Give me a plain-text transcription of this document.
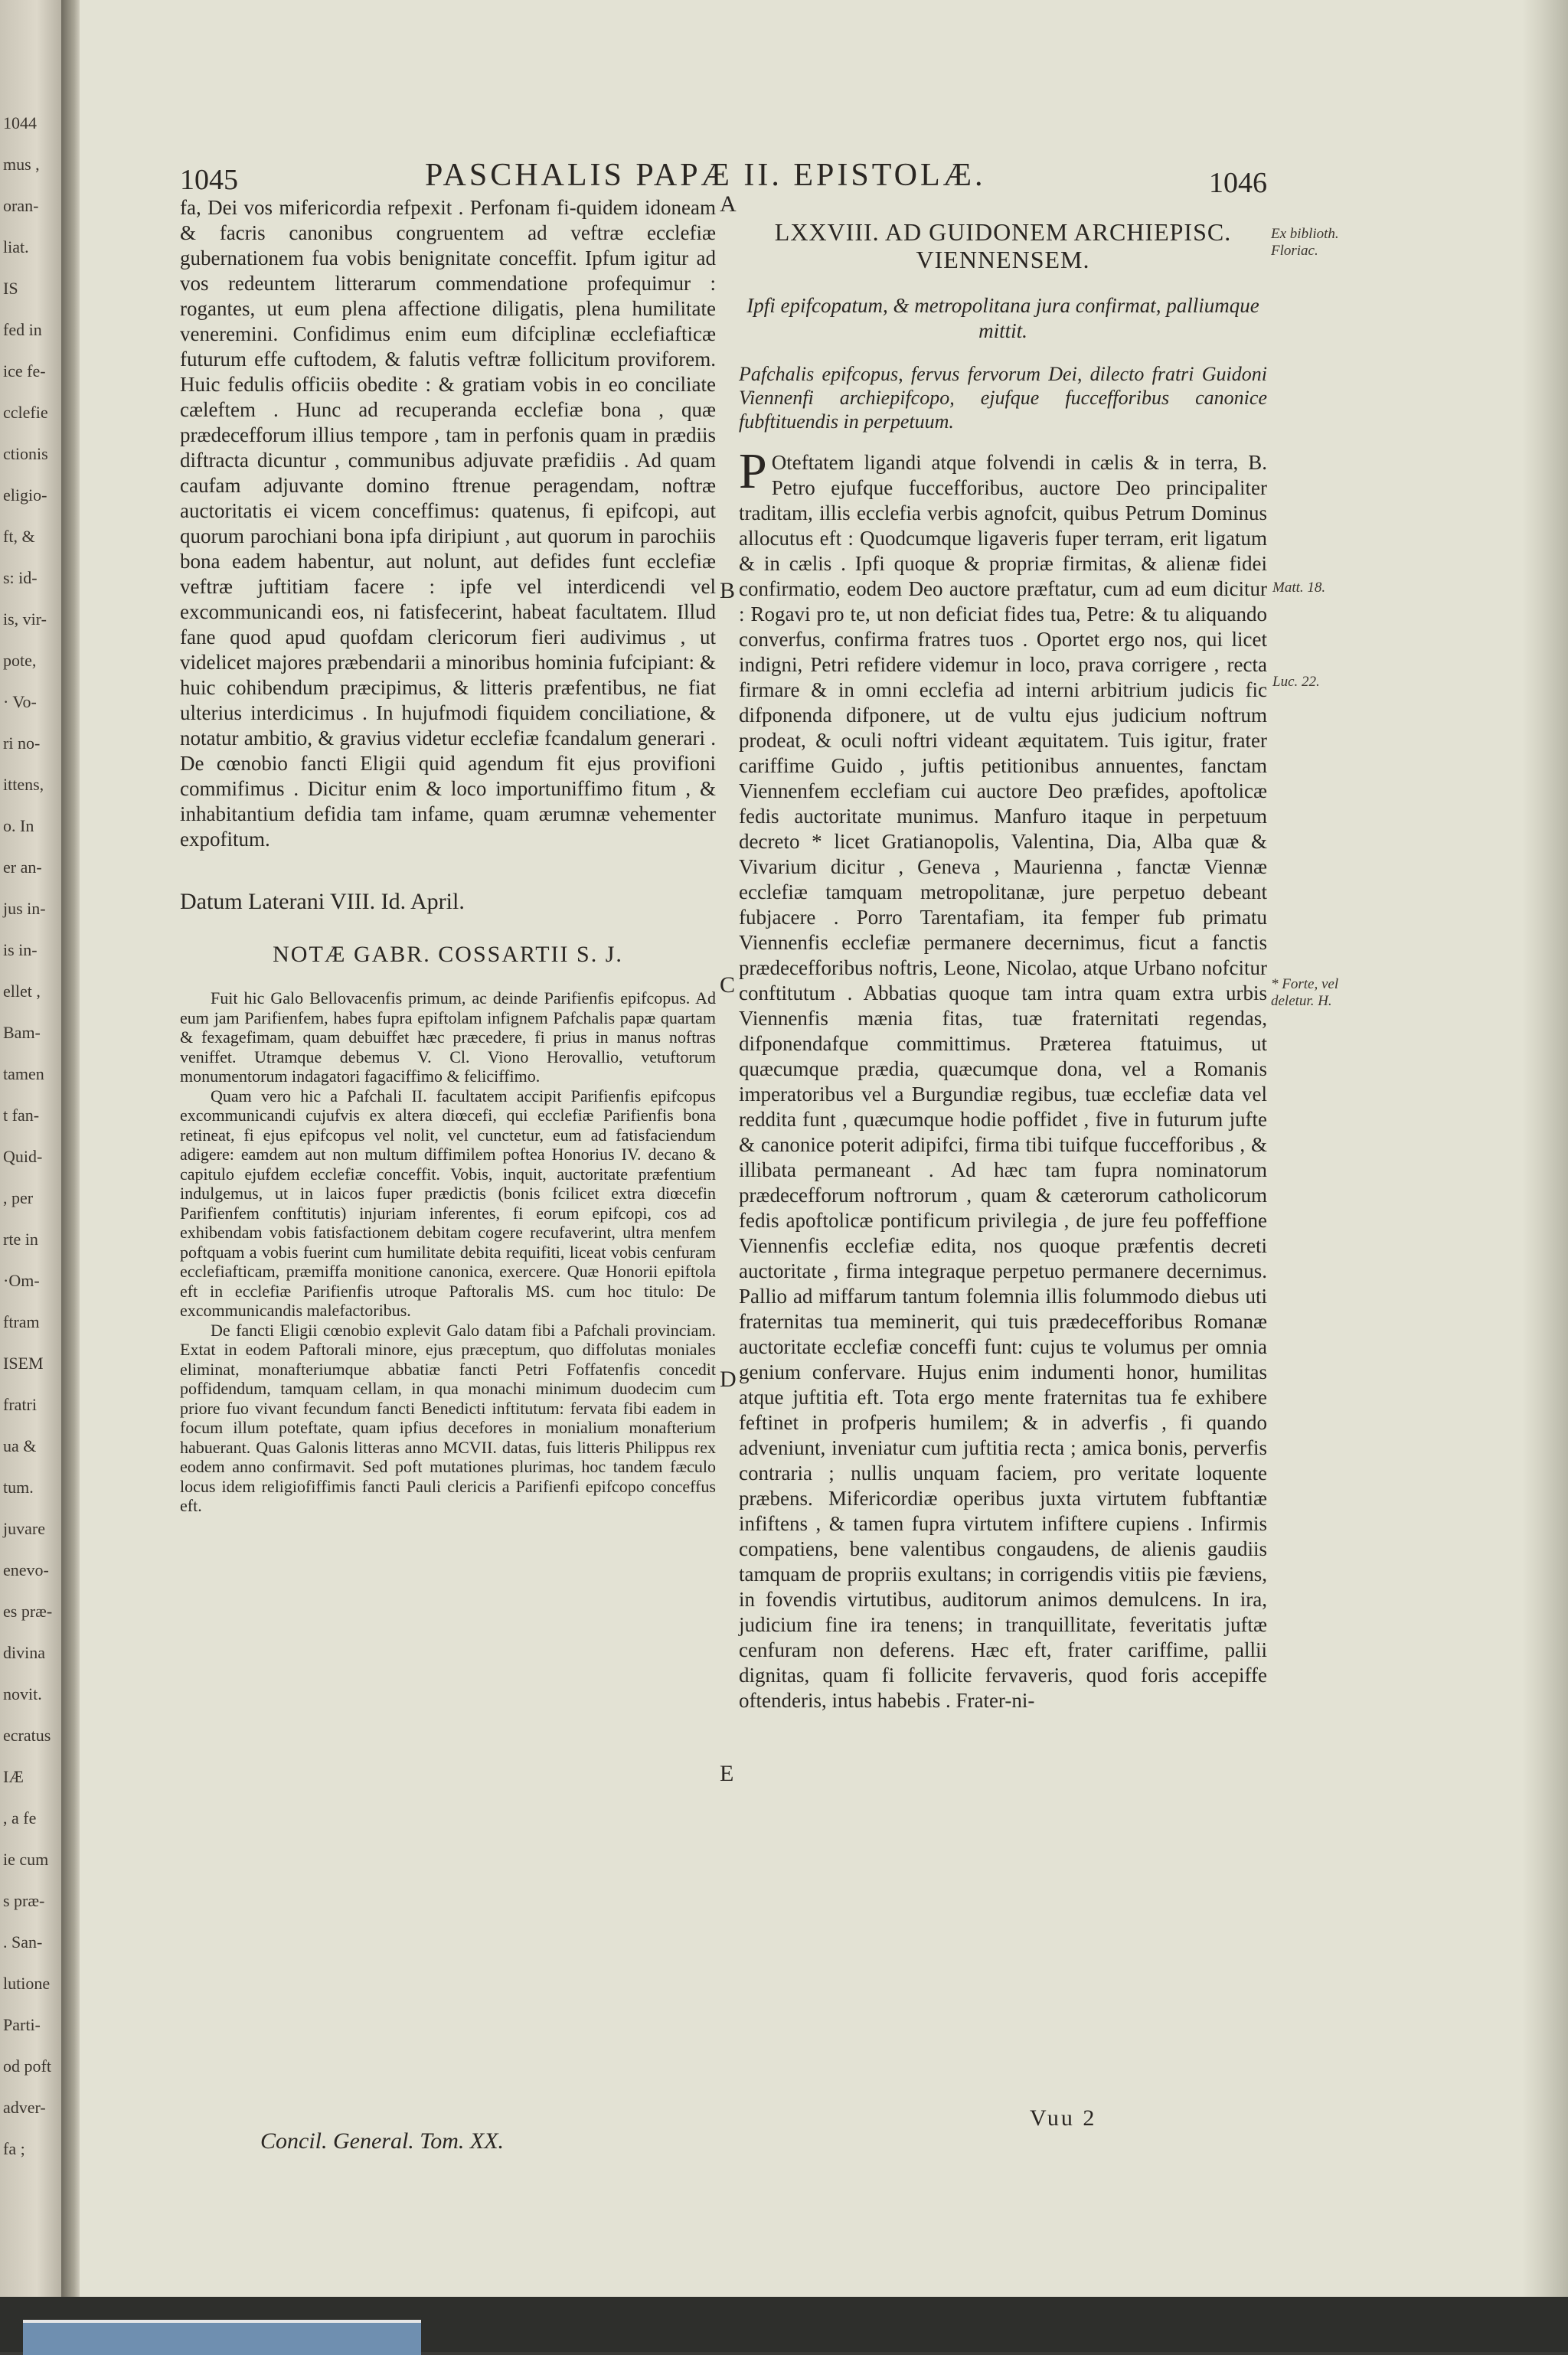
1044
mus ,
oran-
liat.
IS
fed in
ice fe-
cclefie
ctionis
eligio-
ft, &
s: id-
is, vir-
pote,
· Vo-
ri no-
ittens,
o. In
er an-
jus in-
is in-
ellet ,
Bam-
tamen
t fan-
Quid-
, per
rte in
·Om-
ftram
ISEM
fratri
ua &
tum.
juvare
enevo-
es præ-
divina
novit.
ecratus
IÆ
, a fe
ie cum
s præ-
. San-
lutione
Parti-
od poft
adver-
fa ;
1045	PASCHALIS PAPÆ II. EPISTOLÆ.	1046

fa, Dei vos mifericordia refpexit . Perfonam fi-quidem idoneam & facris canonibus congruentem ad veftræ ecclefiæ gubernationem fua vobis benignitate conceffit. Ipfum igitur ad vos redeuntem litterarum commendatione profequimur : rogantes, ut eum plena affectione diligatis, plena humilitate veneremini. Confidimus enim eum difciplinæ ecclefiafticæ futurum effe cuftodem, & falutis veftræ follicitum proviforem. Huic fedulis officiis obedite : & gratiam vobis in eo conciliate cæleftem . Hunc ad recuperanda ecclefiæ bona , quæ prædecefforum illius tempore , tam in perfonis quam in prædiis diftracta dicuntur , communibus adjuvate præfidiis . Ad quam caufam adjuvante domino ftrenue peragendam, noftræ auctoritatis ei vicem conceffimus: quatenus, fi epifcopi, aut quorum parochiani bona ipfa diripiunt , aut quorum in parochiis bona eadem habentur, aut nolunt, aut defides funt ecclefiæ veftræ juftitiam facere : ipfe vel interdicendi vel excommunicandi eos, ni fatisfecerint, habeat facultatem. Illud fane quod apud quofdam clericorum fieri audivimus , ut videlicet majores præbendarii a minoribus hominia fufcipiant: & huic cohibendum præcipimus, & litteris præfentibus, ne fiat ulterius interdicimus . In hujufmodi fiquidem conciliatione, & notatur ambitio, & gravius videtur ecclefiæ fcandalum generari . De cœnobio fancti Eligii quid agendum fit ejus provifioni commifimus . Dicitur enim & loco importuniffimo fitum , & inhabitantium defidia tam infame, quam ærumnæ vehementer expofitum.

Datum Laterani VIII. Id. April.

NOTÆ GABR. COSSARTII S. J.

Fuit hic Galo Bellovacenfis primum, ac deinde Parifienfis epifcopus. Ad eum jam Parifienfem, habes fupra epiftolam infignem Pafchalis papæ quartam & fexagefimam, quam debuiffet hæc præcedere, fi prius in manus noftras veniffet. Utramque debemus V. Cl. Viono Herovallio, vetuftorum monumentorum indagatori fagaciffimo & feliciffimo.

Quam vero hic a Pafchali II. facultatem accipit Parifienfis epifcopus excommunicandi cujufvis ex altera diœcefi, qui ecclefiæ Parifienfis bona retineat, fi ejus epifcopus vel nolit, vel cunctetur, eum ad fatisfaciendum adigere: eamdem aut non multum diffimilem poftea Honorius IV. decano & capitulo ejufdem ecclefiæ conceffit. Vobis, inquit, auctoritate præfentium indulgemus, ut in laicos fuper prædictis (bonis fcilicet extra diœcefin Parifienfem conftitutis) injuriam inferentes, fi eorum epifcopi, cos ad exhibendam vobis fatisfactionem debitam cogere recufaverint, ultra menfem poftquam a vobis fuerint cum humilitate debita requifiti, liceat vobis cenfuram ecclefiafticam, præmiffa monitione canonica, exercere. Quæ Honorii epiftola eft in ecclefiæ Parifienfis utroque Paftoralis MS. cum hoc titulo: De excommunicandis malefactoribus.

De fancti Eligii cœnobio explevit Galo datam fibi a Pafchali provinciam. Extat in eodem Paftorali minore, ejus præceptum, quo diffolutas moniales eliminat, monafteriumque abbatiæ fancti Petri Foffatenfis concedit poffidendum, tamquam cellam, in qua monachi minimum duodecim cum priore fuo vivant fecundum fancti Benedicti inftitutum: fervata fibi eadem in focum illum poteftate, quam ipfius decefores in monialium monafterium habuerant. Quas Galonis litteras anno MCVII. datas, fuis litteris Philippus rex eodem anno confirmavit. Sed poft mutationes plurimas, hoc tandem fæculo locus idem religiofiffimis fancti Pauli clericis a Parifienfi epifcopo conceffus eft.

LXXVIII. AD GUIDONEM ARCHIEPISC.

VIENNENSEM.

Ipfi epifcopatum, & metropolitana jura confirmat, palliumque mittit.

Pafchalis epifcopus, fervus fervorum Dei, dilecto fratri Guidoni Viennenfi archiepifcopo, ejufque fuccefforibus canonice fubftituendis in perpetuum.

P Oteftatem ligandi atque folvendi in cælis & in terra, B. Petro ejufque fuccefforibus, auctore Deo principaliter traditam, illis ecclefia verbis agnofcit, quibus Petrum Dominus allocutus eft : Quodcumque ligaveris fuper terram, erit ligatum & in cælis . Ipfi quoque & propriæ firmitas, & alienæ fidei confirmatio, eodem Deo auctore præftatur, cum ad eum dicitur : Rogavi pro te, ut non deficiat fides tua, Petre: & tu aliquando converfus, confirma fratres tuos . Oportet ergo nos, qui licet indigni, Petri refidere videmur in loco, prava corrigere , recta firmare & in omni ecclefia ad interni arbitrium judicis fic difponenda difponere, ut de vultu ejus judicium noftrum prodeat, & oculi noftri videant æquitatem. Tuis igitur, frater cariffime Guido , juftis petitionibus annuentes, fanctam Viennenfem ecclefiam cui auctore Deo præfides, apoftolicæ fedis auctoritate munimus. Manfuro itaque in perpetuum decreto * licet Gratianopolis, Valentina, Dia, Alba quæ & Vivarium dicitur , Geneva , Maurienna , fanctæ Viennæ ecclefiæ tamquam metropolitanæ, jure perpetuo debeant fubjacere . Porro Tarentafiam, ita femper fub primatu Viennenfis ecclefiæ permanere decernimus, ficut a fanctis prædecefforibus noftris, Leone, Nicolao, atque Urbano nofcitur conftitutum . Abbatias quoque tam intra quam extra urbis Viennenfis mænia fitas, tuæ fraternitati regendas, difponendafque committimus. Præterea ftatuimus, ut quæcumque prædia, quæcumque dona, vel a Romanis imperatoribus vel a Burgundiæ regibus, tuæ ecclefiæ data vel reddita funt , quæcumque hodie poffidet , five in futurum jufte & canonice poterit adipifci, firma tibi tuifque fuccefforibus , & illibata permaneant . Ad hæc tam fupra nominatorum prædecefforum noftrorum , quam & cæterorum catholicorum fedis apoftolicæ pontificum privilegia , de jure feu poffeffione Viennenfis ecclefiæ edita, nos quoque præfentis decreti auctoritate , firma integraque perpetuo permanere decernimus. Pallio ad miffarum tantum folemnia illis folummodo diebus uti fraternitas tua meminerit, qui tuis prædecefforibus Romanæ auctoritate ecclefiæ conceffi funt: cujus te volumus per omnia genium confervare. Hujus enim indumenti honor, humilitas atque juftitia eft. Tota ergo mente fraternitas tua fe exhibere feftinet in profperis humilem; & in adverfis , fi quando adveniunt, inveniatur cum juftitia recta ; amica bonis, perverfis contraria ; nullis unquam faciem, pro veritate loquente præbens. Mifericordiæ operibus juxta virtutem fubftantiæ infiftens , & tamen fupra virtutem infiftere cupiens . Infirmis compatiens, bene valentibus congaudens, de alienis gaudiis tamquam de propriis exultans; in corrigendis vitiis pie fæviens, in fovendis virtutibus, auditorum animos demulcens. In ira, judicium fine ira tenens; in tranquillitate, feveritatis juftæ cenfuram non deferens. Hæc eft, frater cariffime, pallii dignitas, quam fi follicite fervaveris, quod foris accepiffe oftenderis, intus habebis . Frater-ni-

A
B
C
D
E
Ex biblioth. Floriac.
Matt. 18.
Luc. 22.
* Forte, vel deletur. H.
Concil. General. Tom. XX.
Vuu 2
